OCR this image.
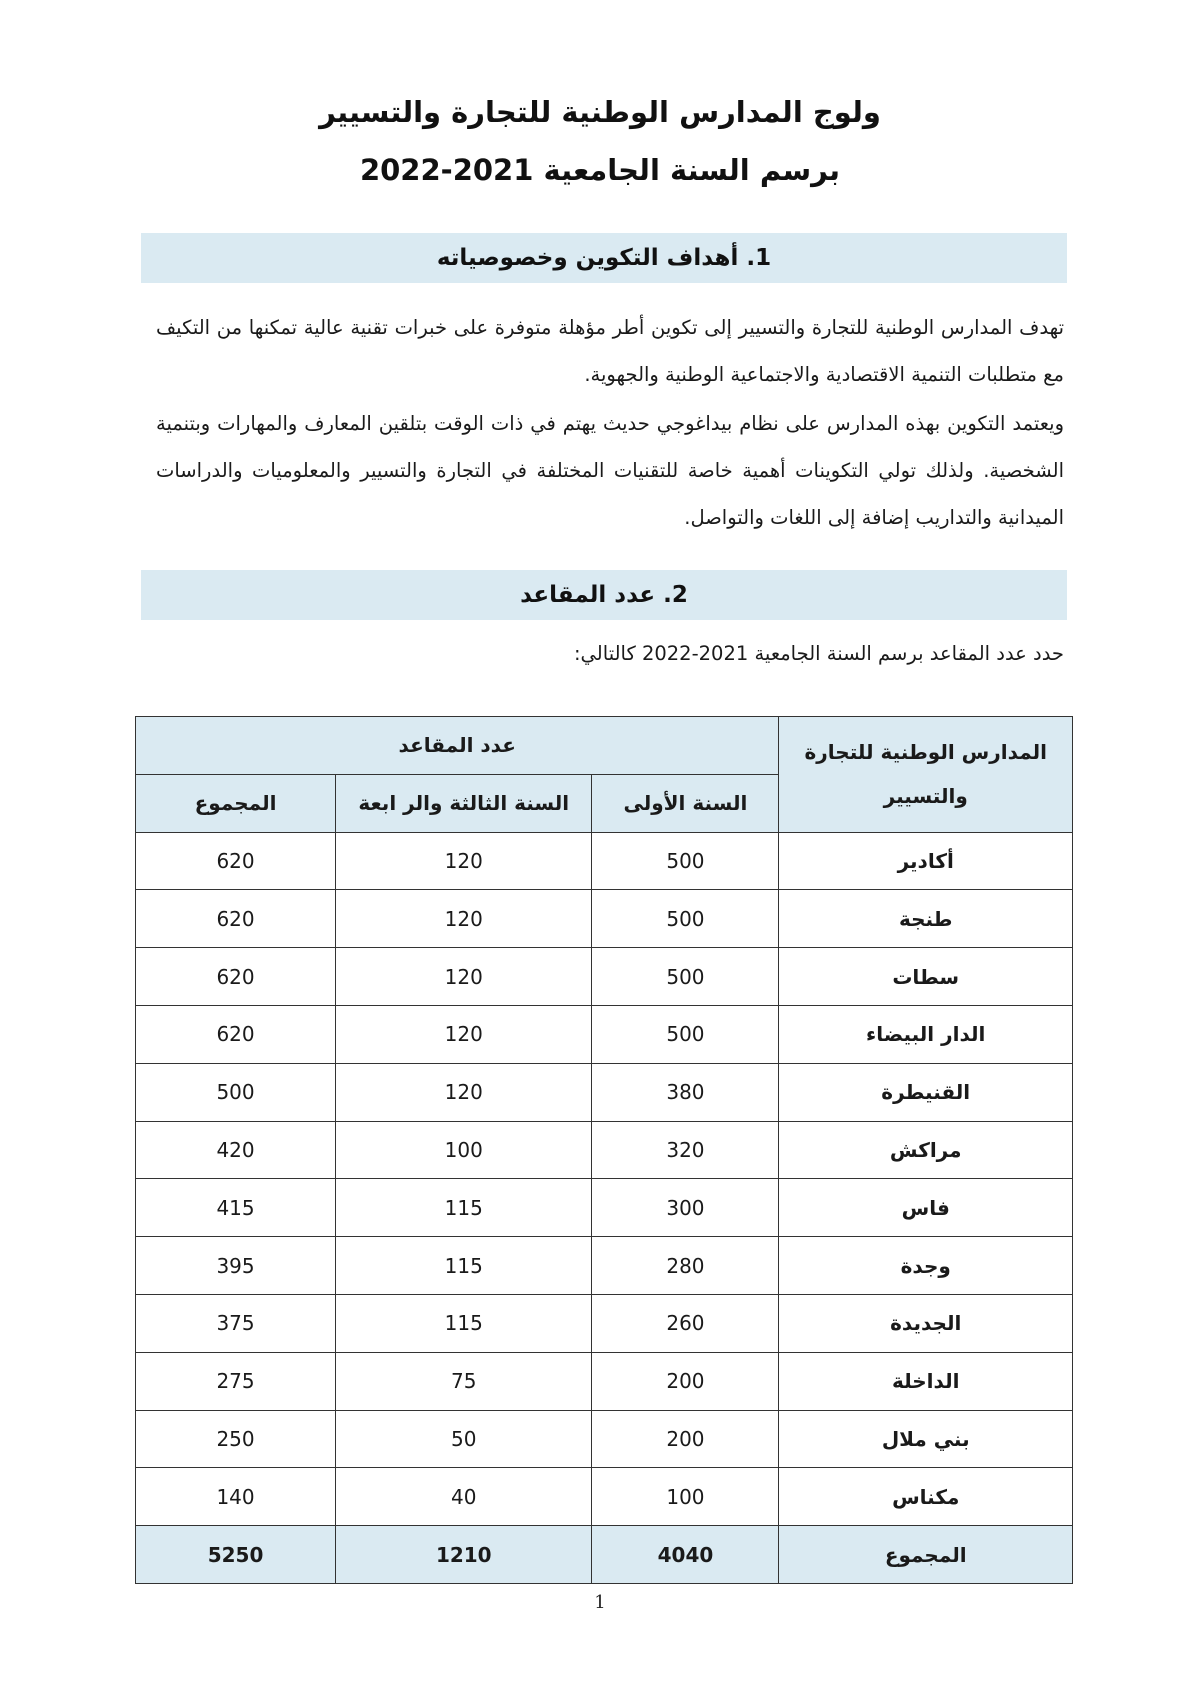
ولوج المدارس الوطنية للتجارة والتسيير
برسم السنة الجامعية 2021-2022
1. أهداف التكوين وخصوصياته
تهدف المدارس الوطنية للتجارة والتسيير إلى تكوين أطر مؤهلة متوفرة على خبرات تقنية عالية تمكنها من التكيف مع متطلبات التنمية الاقتصادية والاجتماعية الوطنية والجهوية.
ويعتمد التكوين بهذه المدارس على نظام بيداغوجي حديث يهتم في ذات الوقت بتلقين المعارف والمهارات وبتنمية الشخصية. ولذلك تولي التكوينات أهمية خاصة للتقنيات المختلفة في التجارة والتسيير والمعلوميات والدراسات الميدانية والتداريب إضافة إلى اللغات والتواصل.
2. عدد المقاعد
حدد عدد المقاعد برسم السنة الجامعية 2021-2022 كالتالي:
المدارس الوطنية للتجارة والتسيير	عدد المقاعد		
	السنة الأولى	السنة الثالثة والر ابعة	المجموع
أكادير	500	120	620
طنجة	500	120	620
سطات	500	120	620
الدار البيضاء	500	120	620
القنيطرة	380	120	500
مراكش	320	100	420
فاس	300	115	415
وجدة	280	115	395
الجديدة	260	115	375
الداخلة	200	75	275
بني ملال	200	50	250
مكناس	100	40	140
المجموع	4040	1210	5250
1
